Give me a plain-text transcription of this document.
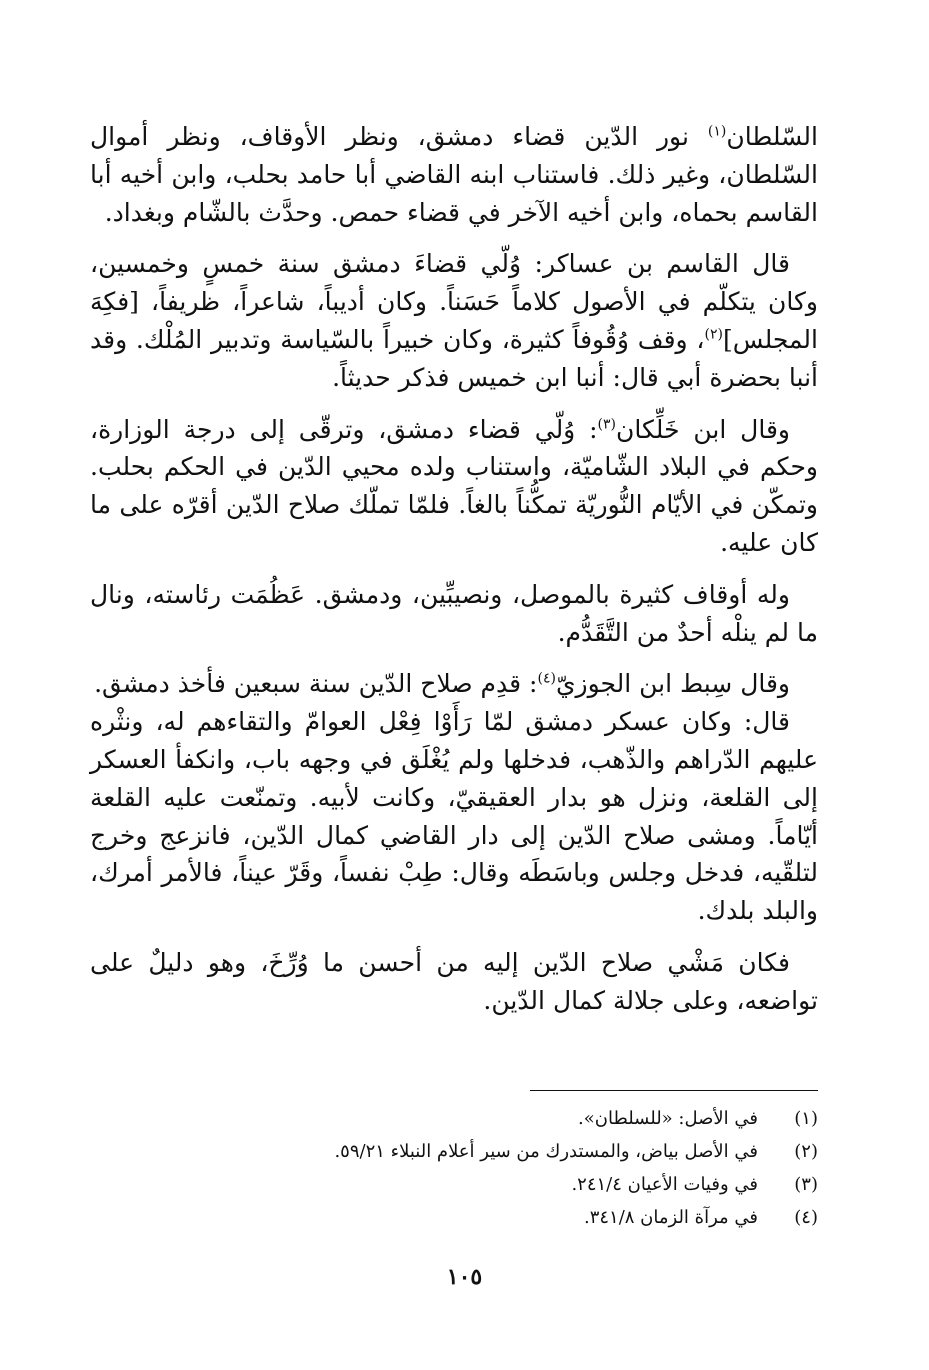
السّلطان$^{(١)}$ نور الدّين قضاء دمشق، ونظر الأوقاف، ونظر أموال السّلطان، وغير ذلك. فاستناب ابنه القاضي أبا حامد بحلب، وابن أخيه أبا القاسم بحماه، وابن أخيه الآخر في قضاء حمص. وحدَّث بالشّام وبغداد.

قال القاسم بن عساكر: وُلّي قضاءَ دمشق سنة خمسٍ وخمسين، وكان يتكلّم في الأصول كلاماً حَسَناً. وكان أديباً، شاعراً، ظريفاً، [فكِهَ المجلس]$^{(٢)}$، وقف وُقُوفاً كثيرة، وكان خبيراً بالسّياسة وتدبير المُلْك. وقد أنبا بحضرة أبي قال: أنبا ابن خميس فذكر حديثاً.

وقال ابن خَلِّكان$^{(٣)}$: وُلّي قضاء دمشق، وترقّى إلى درجة الوزارة، وحكم في البلاد الشّاميّة، واستناب ولده محيي الدّين في الحكم بحلب. وتمكّن في الأيّام النُّوريّة تمكُّناً بالغاً. فلمّا تملّك صلاح الدّين أقرّه على ما كان عليه.

وله أوقاف كثيرة بالموصل، ونصيبِّين، ودمشق. عَظُمَت رئاسته، ونال ما لم ينلْه أحدٌ من التَّقَدُّم.

وقال سِبط ابن الجوزيّ$^{(٤)}$: قدِم صلاح الدّين سنة سبعين فأخذ دمشق.

قال: وكان عسكر دمشق لمّا رَأَوْا فِعْل العوامّ والتقاءهم له، ونثْره عليهم الدّراهم والذّهب، فدخلها ولم يُغْلَق في وجهه باب، وانكفأ العسكر إلى القلعة، ونزل هو بدار العقيقيّ، وكانت لأبيه. وتمنّعت عليه القلعة أيّاماً. ومشى صلاح الدّين إلى دار القاضي كمال الدّين، فانزعج وخرج لتلقّيه، فدخل وجلس وباسَطَه وقال: طِبْ نفساً، وقَرّ عيناً، فالأمر أمرك، والبلد بلدك.

فكان مَشْي صلاح الدّين إليه من أحسن ما وُرِّخَ، وهو دليلٌ على تواضعه، وعلى جلالة كمال الدّين.

(١)
في الأصل: «للسلطان».
(٢)
في الأصل بياض، والمستدرك من سير أعلام النبلاء ٥٩/٢١.
(٣)
في وفيات الأعيان ٢٤١/٤.
(٤)
في مرآة الزمان ٣٤١/٨.
١٠٥
